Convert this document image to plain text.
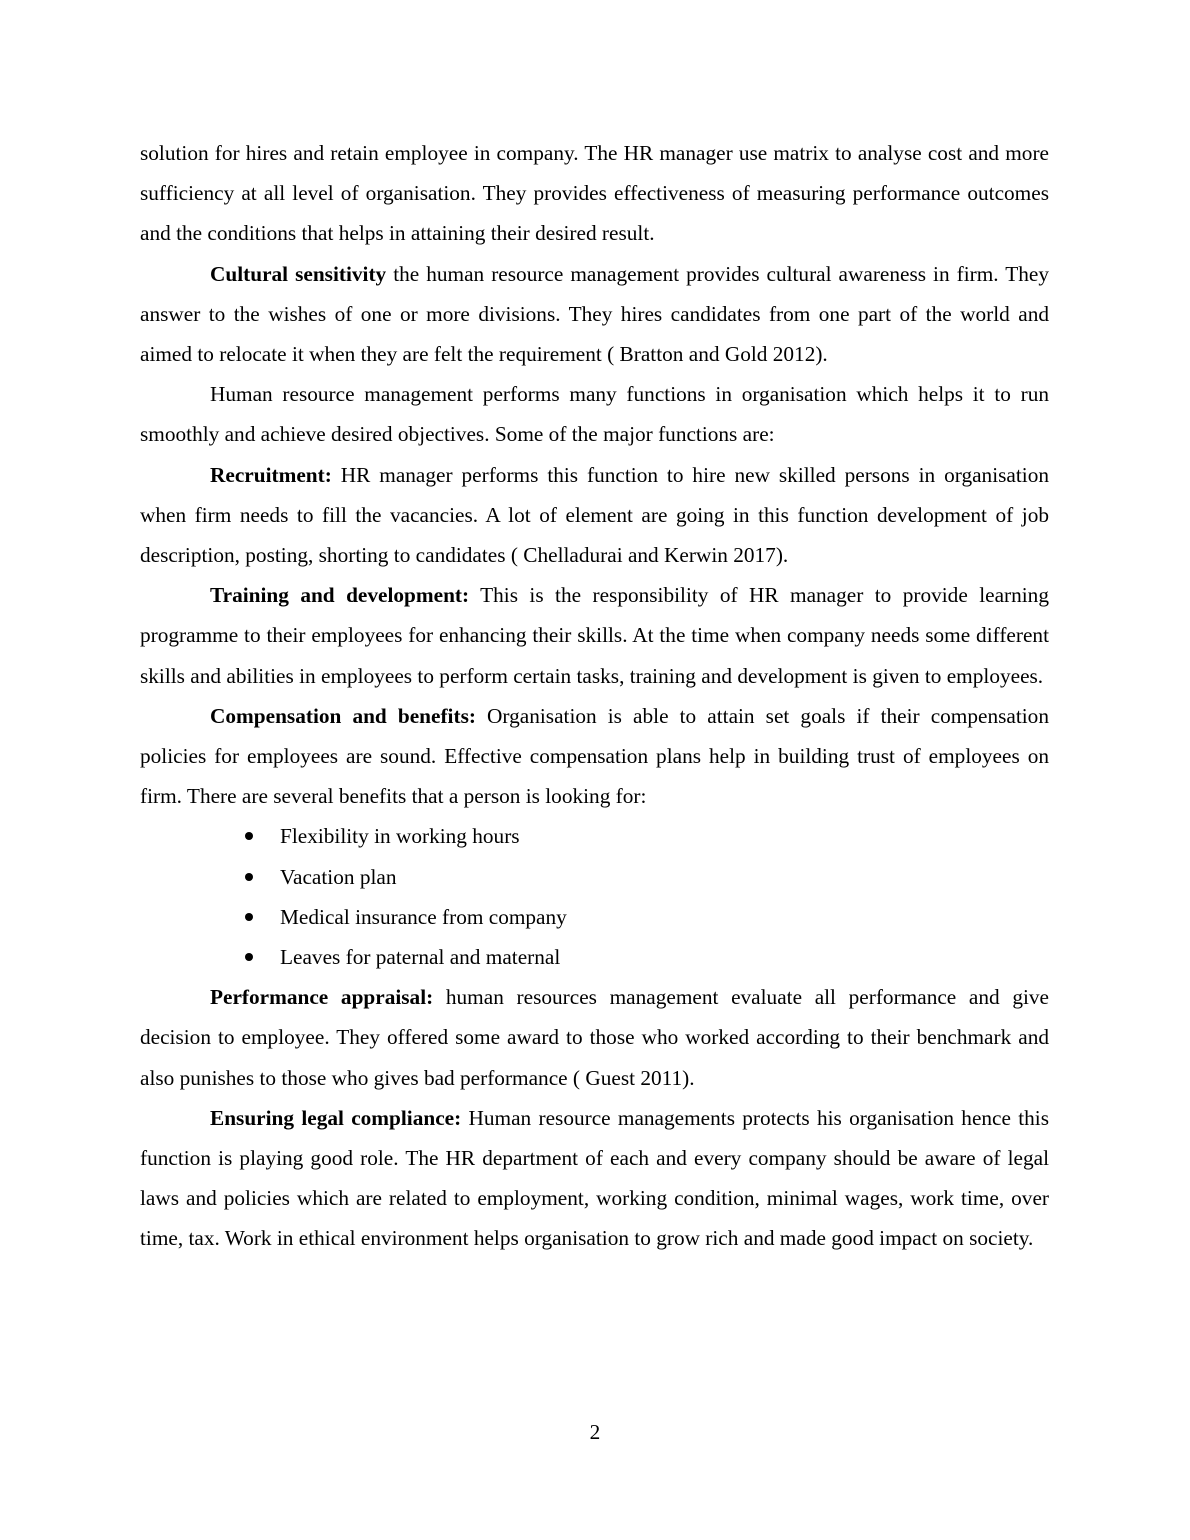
solution for hires and retain employee in company. The HR manager use matrix to analyse cost and more sufficiency at all level of organisation. They provides effectiveness of measuring performance outcomes and the conditions that helps in attaining their desired result.

Cultural sensitivity the human resource management provides cultural awareness in firm. They answer to the wishes of one or more divisions. They hires candidates from one part of the world and aimed to relocate it when they are felt the requirement ( Bratton and Gold 2012).

Human resource management performs many functions in organisation which helps it to run smoothly and achieve desired objectives. Some of the major functions are:

Recruitment: HR manager performs this function to hire new skilled persons in organisation when firm needs to fill the vacancies. A lot of element are going in this function development of job description, posting, shorting to candidates ( Chelladurai and Kerwin 2017).

Training and development: This is the responsibility of HR manager to provide learning programme to their employees for enhancing their skills. At the time when company needs some different skills and abilities in employees to perform certain tasks, training and development is given to employees.

Compensation and benefits: Organisation is able to attain set goals if their compensation policies for employees are sound. Effective compensation plans help in building trust of employees on firm. There are several benefits that a person is looking for:

Flexibility in working hours
Vacation plan
Medical insurance from company
Leaves for paternal and maternal

Performance appraisal: human resources management evaluate all performance and give decision to employee. They offered some award to those who worked according to their benchmark and also punishes to those who gives bad performance ( Guest 2011).

Ensuring legal compliance: Human resource managements protects his organisation hence this function is playing good role. The HR department of each and every company should be aware of legal laws and policies which are related to employment, working condition, minimal wages, work time, over time, tax. Work in ethical environment helps organisation to grow rich and made good impact on society.

2
